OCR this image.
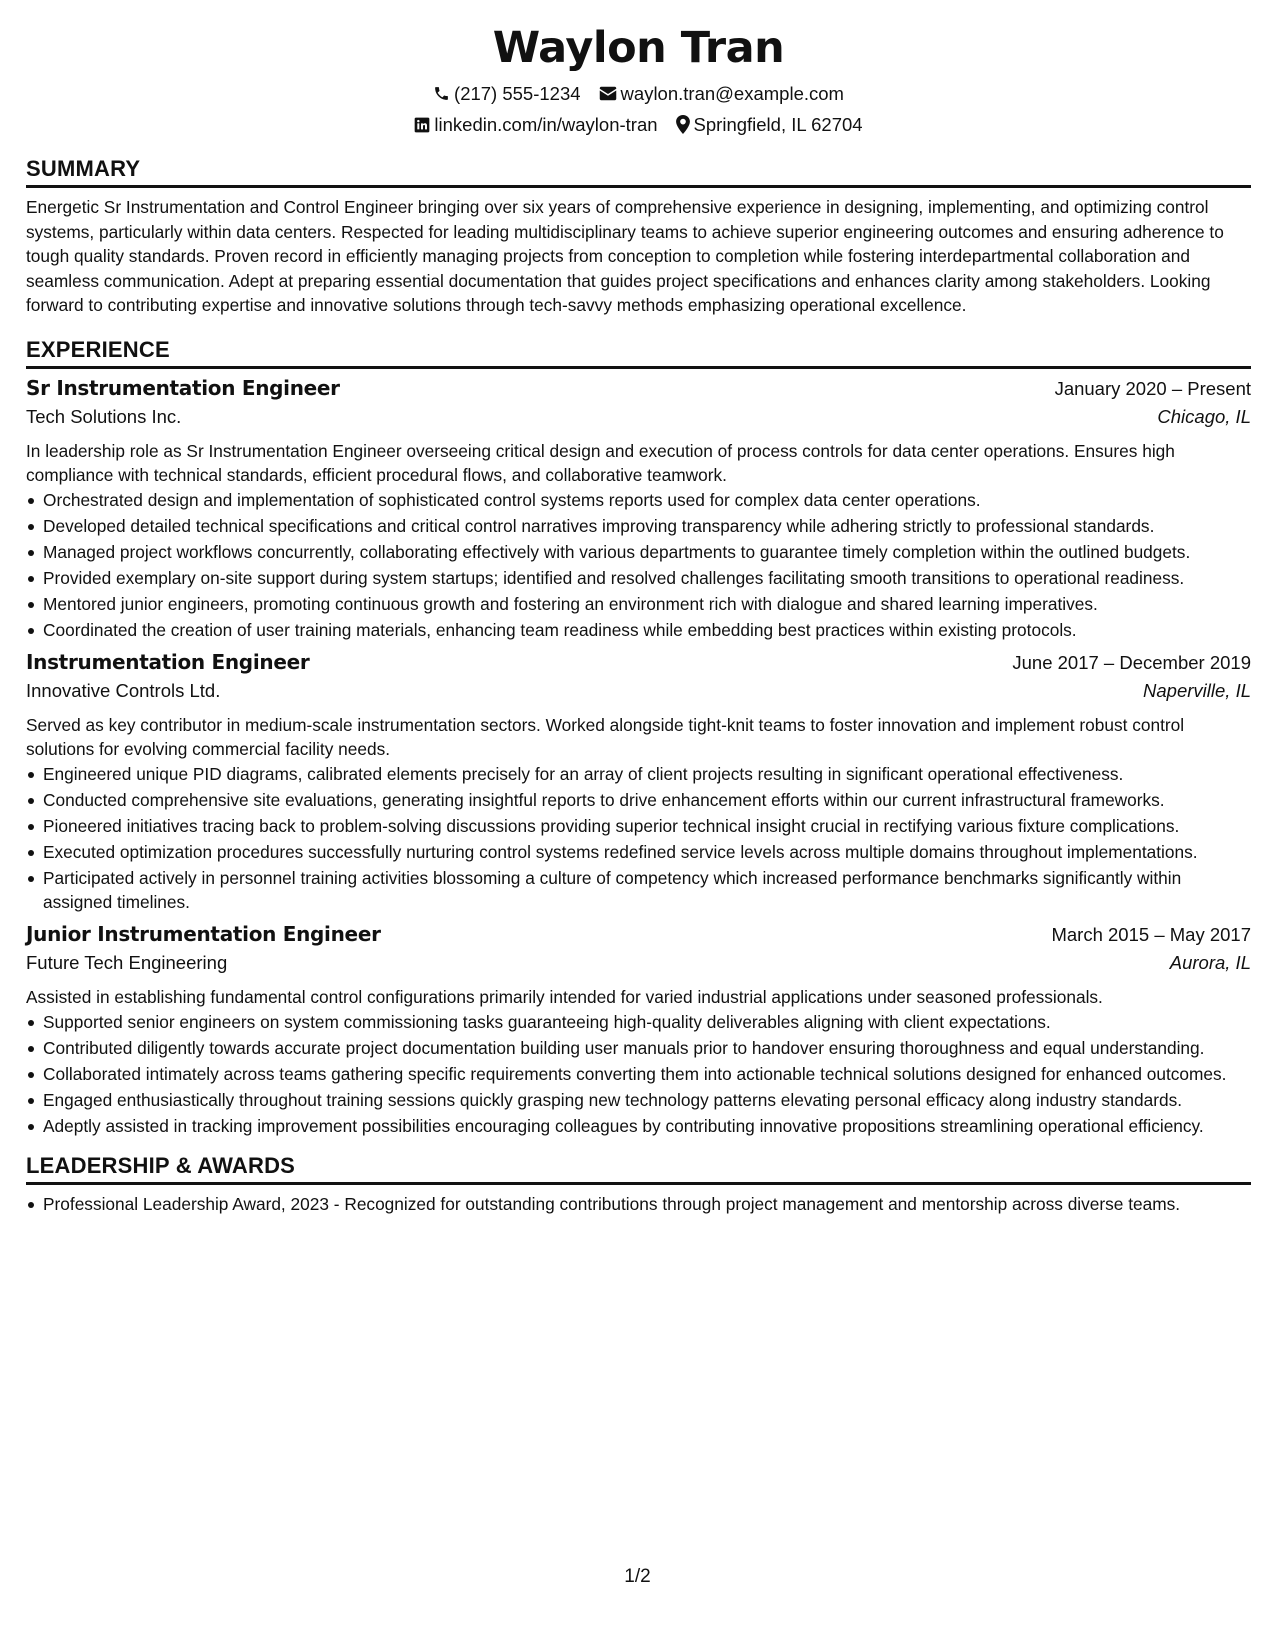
Waylon Tran
(217) 555-1234 waylon.tran@example.com
linkedin.com/in/waylon-tran Springfield, IL 62704
SUMMARY
Energetic Sr Instrumentation and Control Engineer bringing over six years of comprehensive experience in designing, implementing, and optimizing control systems, particularly within data centers. Respected for leading multidisciplinary teams to achieve superior engineering outcomes and ensuring adherence to tough quality standards. Proven record in efficiently managing projects from conception to completion while fostering interdepartmental collaboration and seamless communication. Adept at preparing essential documentation that guides project specifications and enhances clarity among stakeholders. Looking forward to contributing expertise and innovative solutions through tech-savvy methods emphasizing operational excellence.
EXPERIENCE
Sr Instrumentation Engineer	January 2020 – Present
Tech Solutions Inc.	Chicago, IL
In leadership role as Sr Instrumentation Engineer overseeing critical design and execution of process controls for data center operations. Ensures high compliance with technical standards, efficient procedural flows, and collaborative teamwork.
Orchestrated design and implementation of sophisticated control systems reports used for complex data center operations.
Developed detailed technical specifications and critical control narratives improving transparency while adhering strictly to professional standards.
Managed project workflows concurrently, collaborating effectively with various departments to guarantee timely completion within the outlined budgets.
Provided exemplary on-site support during system startups; identified and resolved challenges facilitating smooth transitions to operational readiness.
Mentored junior engineers, promoting continuous growth and fostering an environment rich with dialogue and shared learning imperatives.
Coordinated the creation of user training materials, enhancing team readiness while embedding best practices within existing protocols.
Instrumentation Engineer	June 2017 – December 2019
Innovative Controls Ltd.	Naperville, IL
Served as key contributor in medium-scale instrumentation sectors. Worked alongside tight-knit teams to foster innovation and implement robust control solutions for evolving commercial facility needs.
Engineered unique PID diagrams, calibrated elements precisely for an array of client projects resulting in significant operational effectiveness.
Conducted comprehensive site evaluations, generating insightful reports to drive enhancement efforts within our current infrastructural frameworks.
Pioneered initiatives tracing back to problem-solving discussions providing superior technical insight crucial in rectifying various fixture complications.
Executed optimization procedures successfully nurturing control systems redefined service levels across multiple domains throughout implementations.
Participated actively in personnel training activities blossoming a culture of competency which increased performance benchmarks significantly within assigned timelines.
Junior Instrumentation Engineer	March 2015 – May 2017
Future Tech Engineering	Aurora, IL
Assisted in establishing fundamental control configurations primarily intended for varied industrial applications under seasoned professionals.
Supported senior engineers on system commissioning tasks guaranteeing high-quality deliverables aligning with client expectations.
Contributed diligently towards accurate project documentation building user manuals prior to handover ensuring thoroughness and equal understanding.
Collaborated intimately across teams gathering specific requirements converting them into actionable technical solutions designed for enhanced outcomes.
Engaged enthusiastically throughout training sessions quickly grasping new technology patterns elevating personal efficacy along industry standards.
Adeptly assisted in tracking improvement possibilities encouraging colleagues by contributing innovative propositions streamlining operational efficiency.
LEADERSHIP & AWARDS
Professional Leadership Award, 2023 - Recognized for outstanding contributions through project management and mentorship across diverse teams.
1/2
